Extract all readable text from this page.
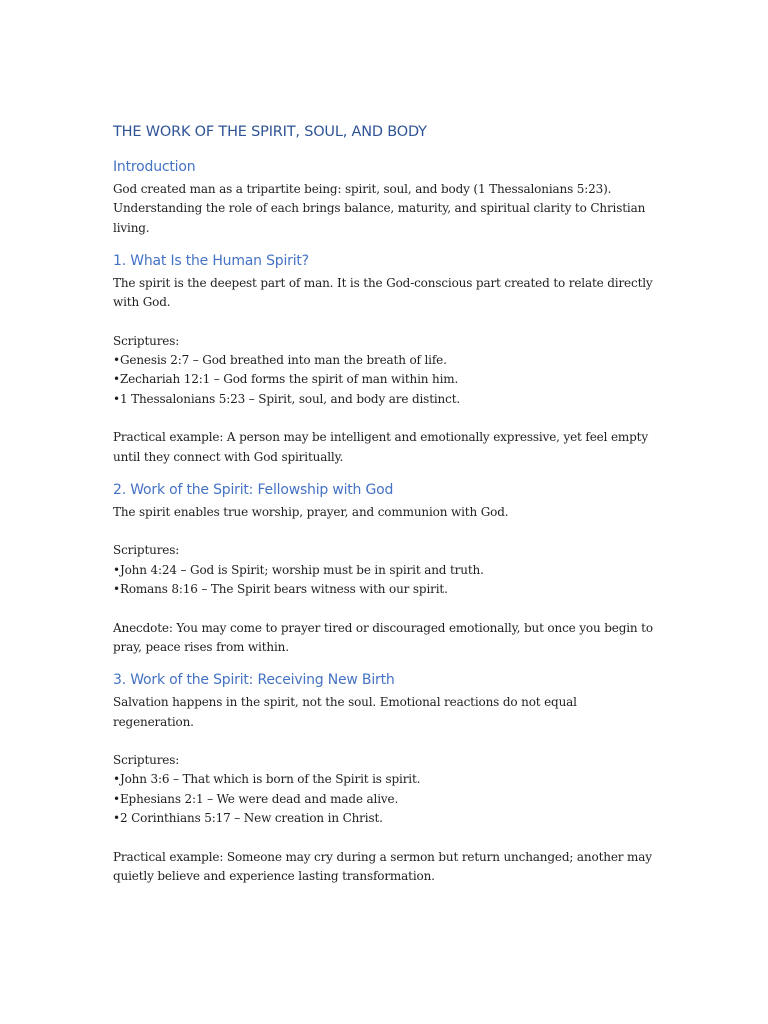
THE WORK OF THE SPIRIT, SOUL, AND BODY
Introduction

God created man as a tripartite being: spirit, soul, and body (1 Thessalonians 5:23). Understanding the role of each brings balance, maturity, and spiritual clarity to Christian living.

1. What Is the Human Spirit?

The spirit is the deepest part of man. It is the God-conscious part created to relate directly with God.

Scriptures:

• Genesis 2:7 – God breathed into man the breath of life.
• Zechariah 12:1 – God forms the spirit of man within him.
• 1 Thessalonians 5:23 – Spirit, soul, and body are distinct.

Practical example: A person may be intelligent and emotionally expressive, yet feel empty until they connect with God spiritually.

2. Work of the Spirit: Fellowship with God

The spirit enables true worship, prayer, and communion with God.

Scriptures:

• John 4:24 – God is Spirit; worship must be in spirit and truth.
• Romans 8:16 – The Spirit bears witness with our spirit.

Anecdote: You may come to prayer tired or discouraged emotionally, but once you begin to pray, peace rises from within.

3. Work of the Spirit: Receiving New Birth

Salvation happens in the spirit, not the soul. Emotional reactions do not equal regeneration.

Scriptures:

• John 3:6 – That which is born of the Spirit is spirit.
• Ephesians 2:1 – We were dead and made alive.
• 2 Corinthians 5:17 – New creation in Christ.

Practical example: Someone may cry during a sermon but return unchanged; another may quietly believe and experience lasting transformation.
